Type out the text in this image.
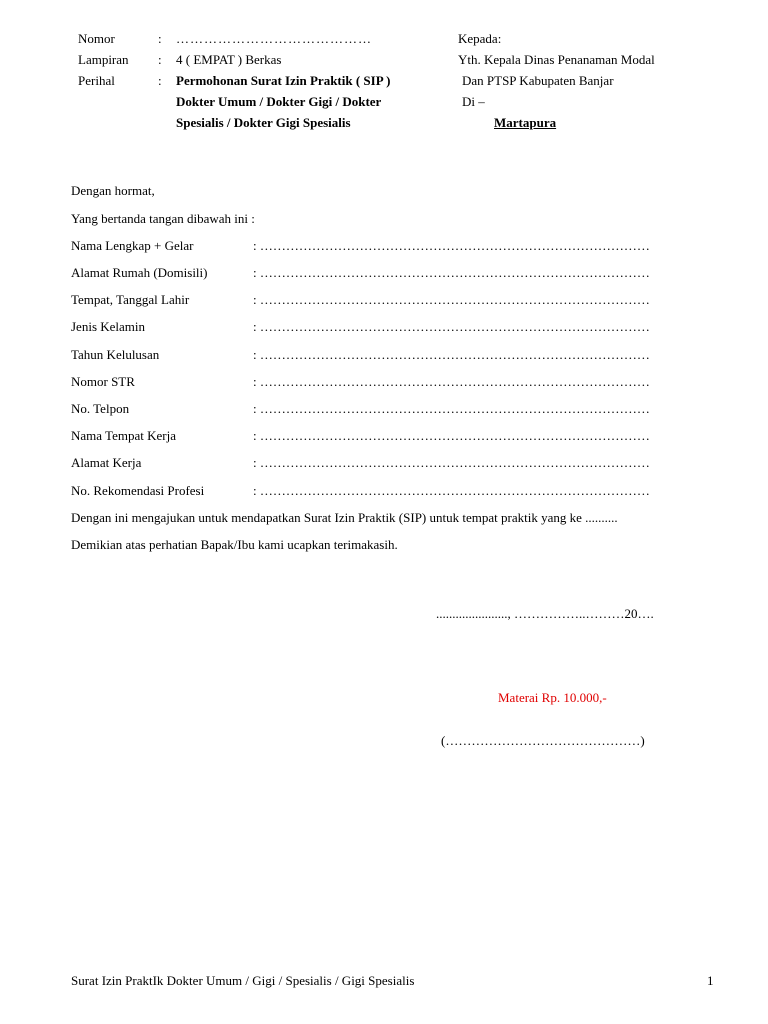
Nomor	: ……………………………………
Lampiran : 4 ( EMPAT ) Berkas
Perihal	: Permohonan Surat Izin Praktik ( SIP )
Dokter Umum / Dokter Gigi / Dokter
Spesialis / Dokter Gigi Spesialis
Kepada:
Yth. Kepala Dinas Penanaman Modal
Dan PTSP Kabupaten Banjar
Di –
Martapura
Dengan hormat,
Yang bertanda tangan dibawah ini :
Nama Lengkap + Gelar	: ………………………………………………………………………………
Alamat Rumah (Domisili)	: ………………………………………………………………………………
Tempat, Tanggal Lahir	: ………………………………………………………………………………
Jenis Kelamin	: ………………………………………………………………………………
Tahun Kelulusan	: ………………………………………………………………………………
Nomor STR	: ………………………………………………………………………………
No. Telpon	: ………………………………………………………………………………
Nama Tempat Kerja	: ………………………………………………………………………………
Alamat Kerja	: ………………………………………………………………………………
No. Rekomendasi Profesi	: ………………………………………………………………………………
Dengan ini mengajukan untuk mendapatkan Surat Izin Praktik (SIP) untuk tempat praktik yang ke ..........
Demikian atas perhatian Bapak/Ibu kami ucapkan terimakasih.
......................, ……………..………20….
Materai Rp. 10.000,-
(………………………………………)
Surat Izin PraktIk Dokter Umum / Gigi / Spesialis / Gigi Spesialis	1
